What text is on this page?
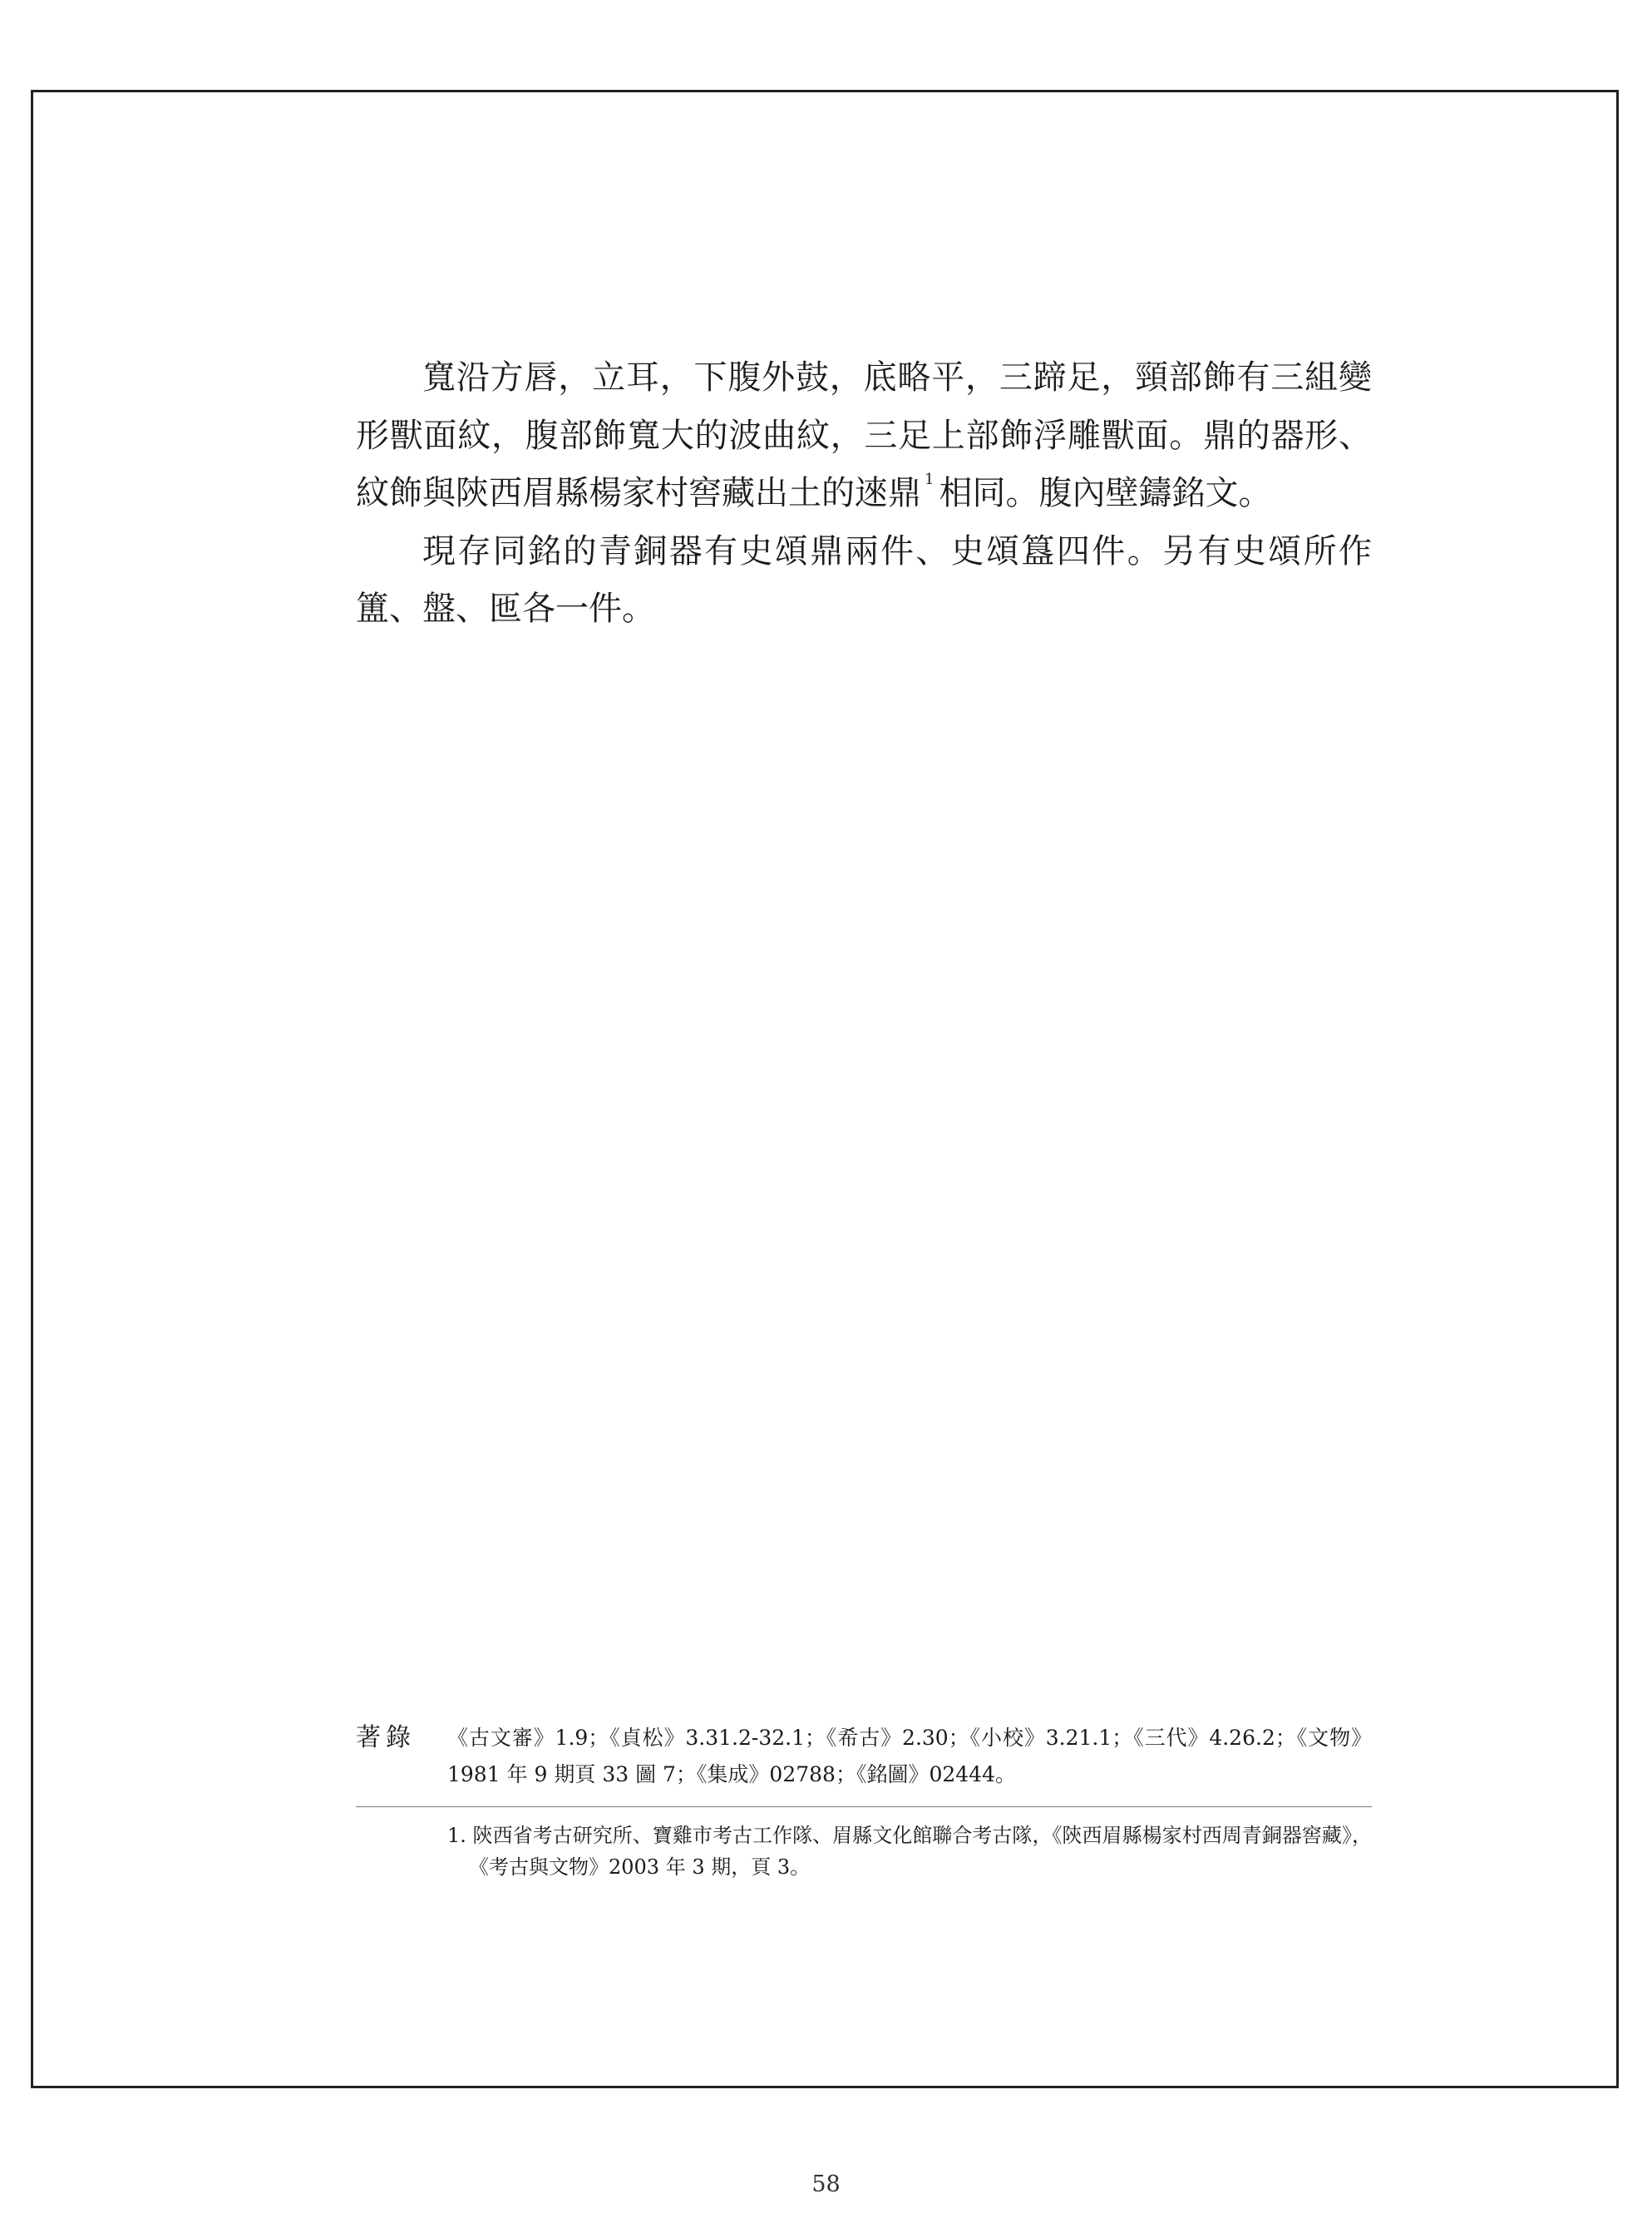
寬沿方唇，立耳，下腹外鼓，底略平，三蹄足，頸部飾有三組變形獸面紋，腹部飾寬大的波曲紋，三足上部飾浮雕獸面。鼎的器形、紋飾與陝西眉縣楊家村窖藏出土的逨鼎 $^1$ 相同。腹內壁鑄銘文。

現存同銘的青銅器有史頌鼎兩件、史頌簋四件。另有史頌所作簠、盤、匜各一件。

著錄 《古文審》1.9；《貞松》3.31.2-32.1；《希古》2.30；《小校》3.21.1；《三代》4.26.2；《文物》1981 年 9 期頁 33 圖 7；《集成》02788；《銘圖》02444。
1. 陝西省考古研究所、寶雞市考古工作隊、眉縣文化館聯合考古隊，《陝西眉縣楊家村西周青銅器窖藏》，《考古與文物》2003 年 3 期，頁 3。
58
